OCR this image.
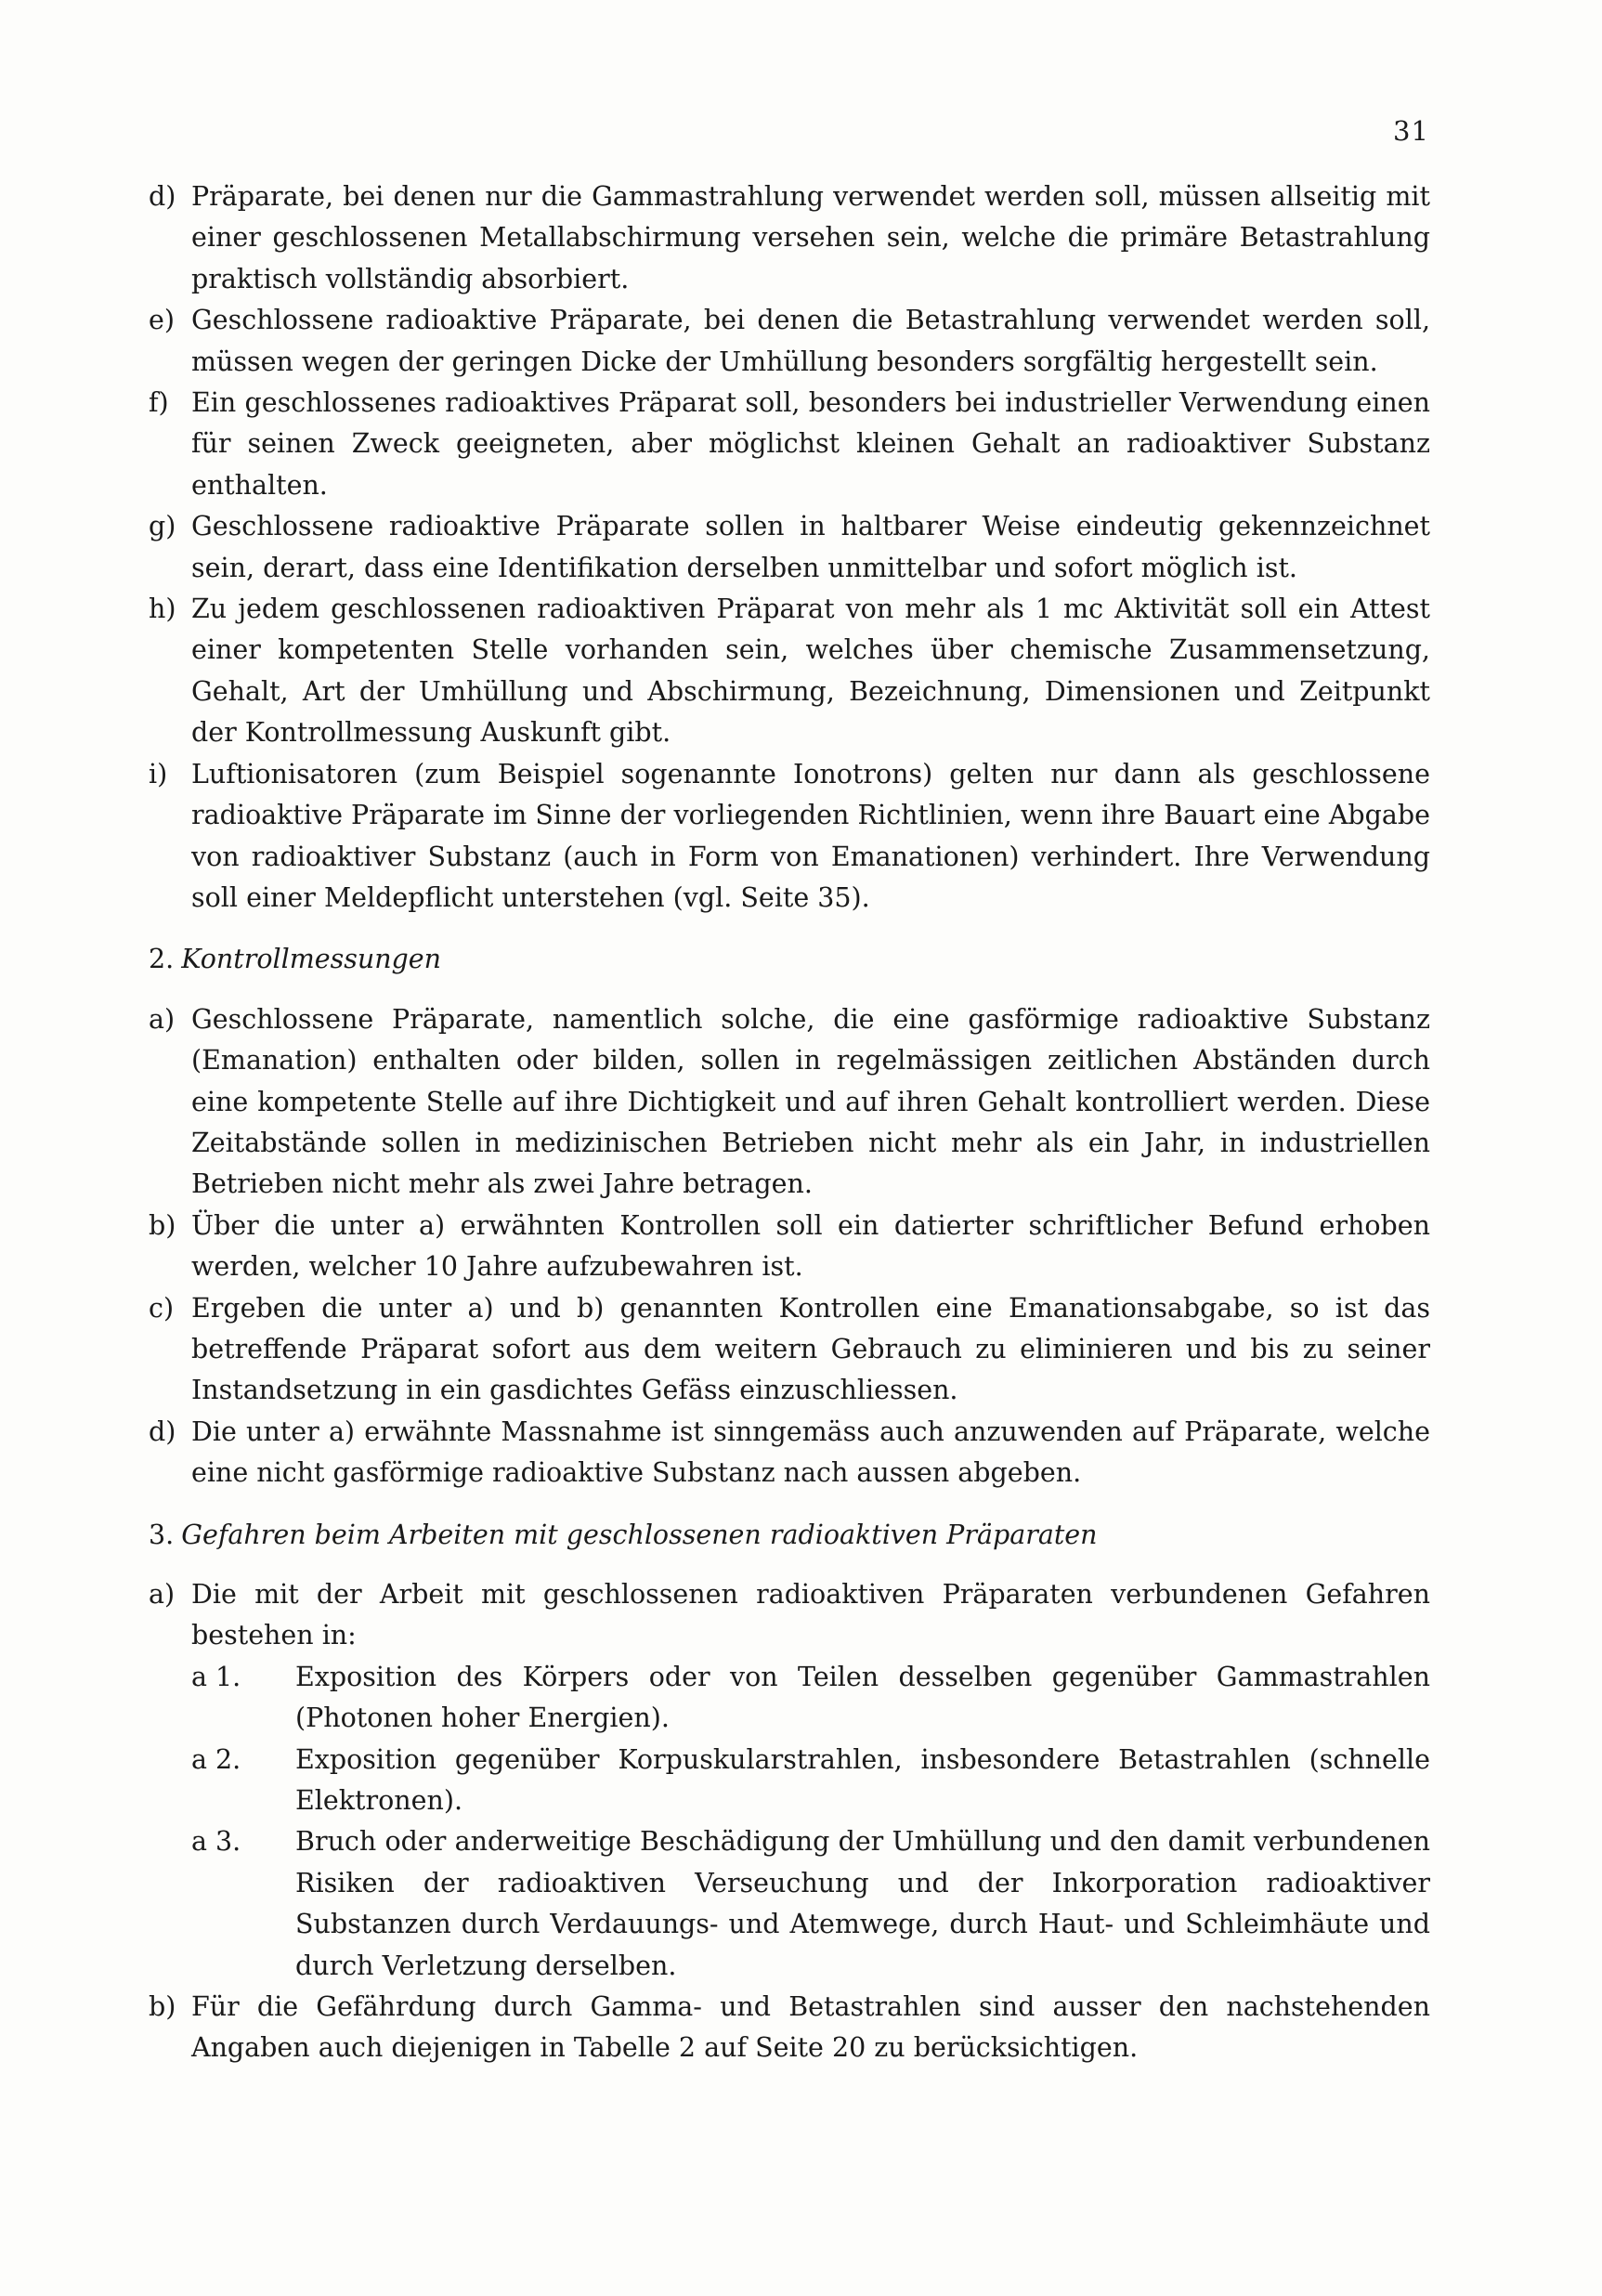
31
d) Präparate, bei denen nur die Gammastrahlung verwendet werden soll, müssen allseitig mit einer geschlossenen Metallabschirmung versehen sein, welche die primäre Betastrahlung praktisch vollständig absorbiert.
e) Geschlossene radioaktive Präparate, bei denen die Betastrahlung verwendet werden soll, müssen wegen der geringen Dicke der Umhüllung besonders sorgfältig hergestellt sein.
f) Ein geschlossenes radioaktives Präparat soll, besonders bei industrieller Verwendung einen für seinen Zweck geeigneten, aber möglichst kleinen Gehalt an radioaktiver Substanz enthalten.
g) Geschlossene radioaktive Präparate sollen in haltbarer Weise eindeutig gekennzeichnet sein, derart, dass eine Identifikation derselben unmittelbar und sofort möglich ist.
h) Zu jedem geschlossenen radioaktiven Präparat von mehr als 1 mc Aktivität soll ein Attest einer kompetenten Stelle vorhanden sein, welches über chemische Zusammensetzung, Gehalt, Art der Umhüllung und Abschirmung, Bezeichnung, Dimensionen und Zeitpunkt der Kontrollmessung Auskunft gibt.
i) Luftionisatoren (zum Beispiel sogenannte Ionotrons) gelten nur dann als geschlossene radioaktive Präparate im Sinne der vorliegenden Richtlinien, wenn ihre Bauart eine Abgabe von radioaktiver Substanz (auch in Form von Emanationen) verhindert. Ihre Verwendung soll einer Meldepflicht unterstehen (vgl. Seite 35).
2. Kontrollmessungen
a) Geschlossene Präparate, namentlich solche, die eine gasförmige radioaktive Substanz (Emanation) enthalten oder bilden, sollen in regelmässigen zeitlichen Abständen durch eine kompetente Stelle auf ihre Dichtigkeit und auf ihren Gehalt kontrolliert werden. Diese Zeitabstände sollen in medizinischen Betrieben nicht mehr als ein Jahr, in industriellen Betrieben nicht mehr als zwei Jahre betragen.
b) Über die unter a) erwähnten Kontrollen soll ein datierter schriftlicher Befund erhoben werden, welcher 10 Jahre aufzubewahren ist.
c) Ergeben die unter a) und b) genannten Kontrollen eine Emanationsabgabe, so ist das betreffende Präparat sofort aus dem weitern Gebrauch zu eliminieren und bis zu seiner Instandsetzung in ein gasdichtes Gefäss einzuschliessen.
d) Die unter a) erwähnte Massnahme ist sinngemäss auch anzuwenden auf Präparate, welche eine nicht gasförmige radioaktive Substanz nach aussen abgeben.
3. Gefahren beim Arbeiten mit geschlossenen radioaktiven Präparaten
a) Die mit der Arbeit mit geschlossenen radioaktiven Präparaten verbundenen Gefahren bestehen in:
a 1. Exposition des Körpers oder von Teilen desselben gegenüber Gammastrahlen (Photonen hoher Energien).
a 2. Exposition gegenüber Korpuskularstrahlen, insbesondere Betastrahlen (schnelle Elektronen).
a 3. Bruch oder anderweitige Beschädigung der Umhüllung und den damit verbundenen Risiken der radioaktiven Verseuchung und der Inkorporation radioaktiver Substanzen durch Verdauungs- und Atemwege, durch Haut- und Schleimhäute und durch Verletzung derselben.
b) Für die Gefährdung durch Gamma- und Betastrahlen sind ausser den nachstehenden Angaben auch diejenigen in Tabelle 2 auf Seite 20 zu berücksichtigen.
